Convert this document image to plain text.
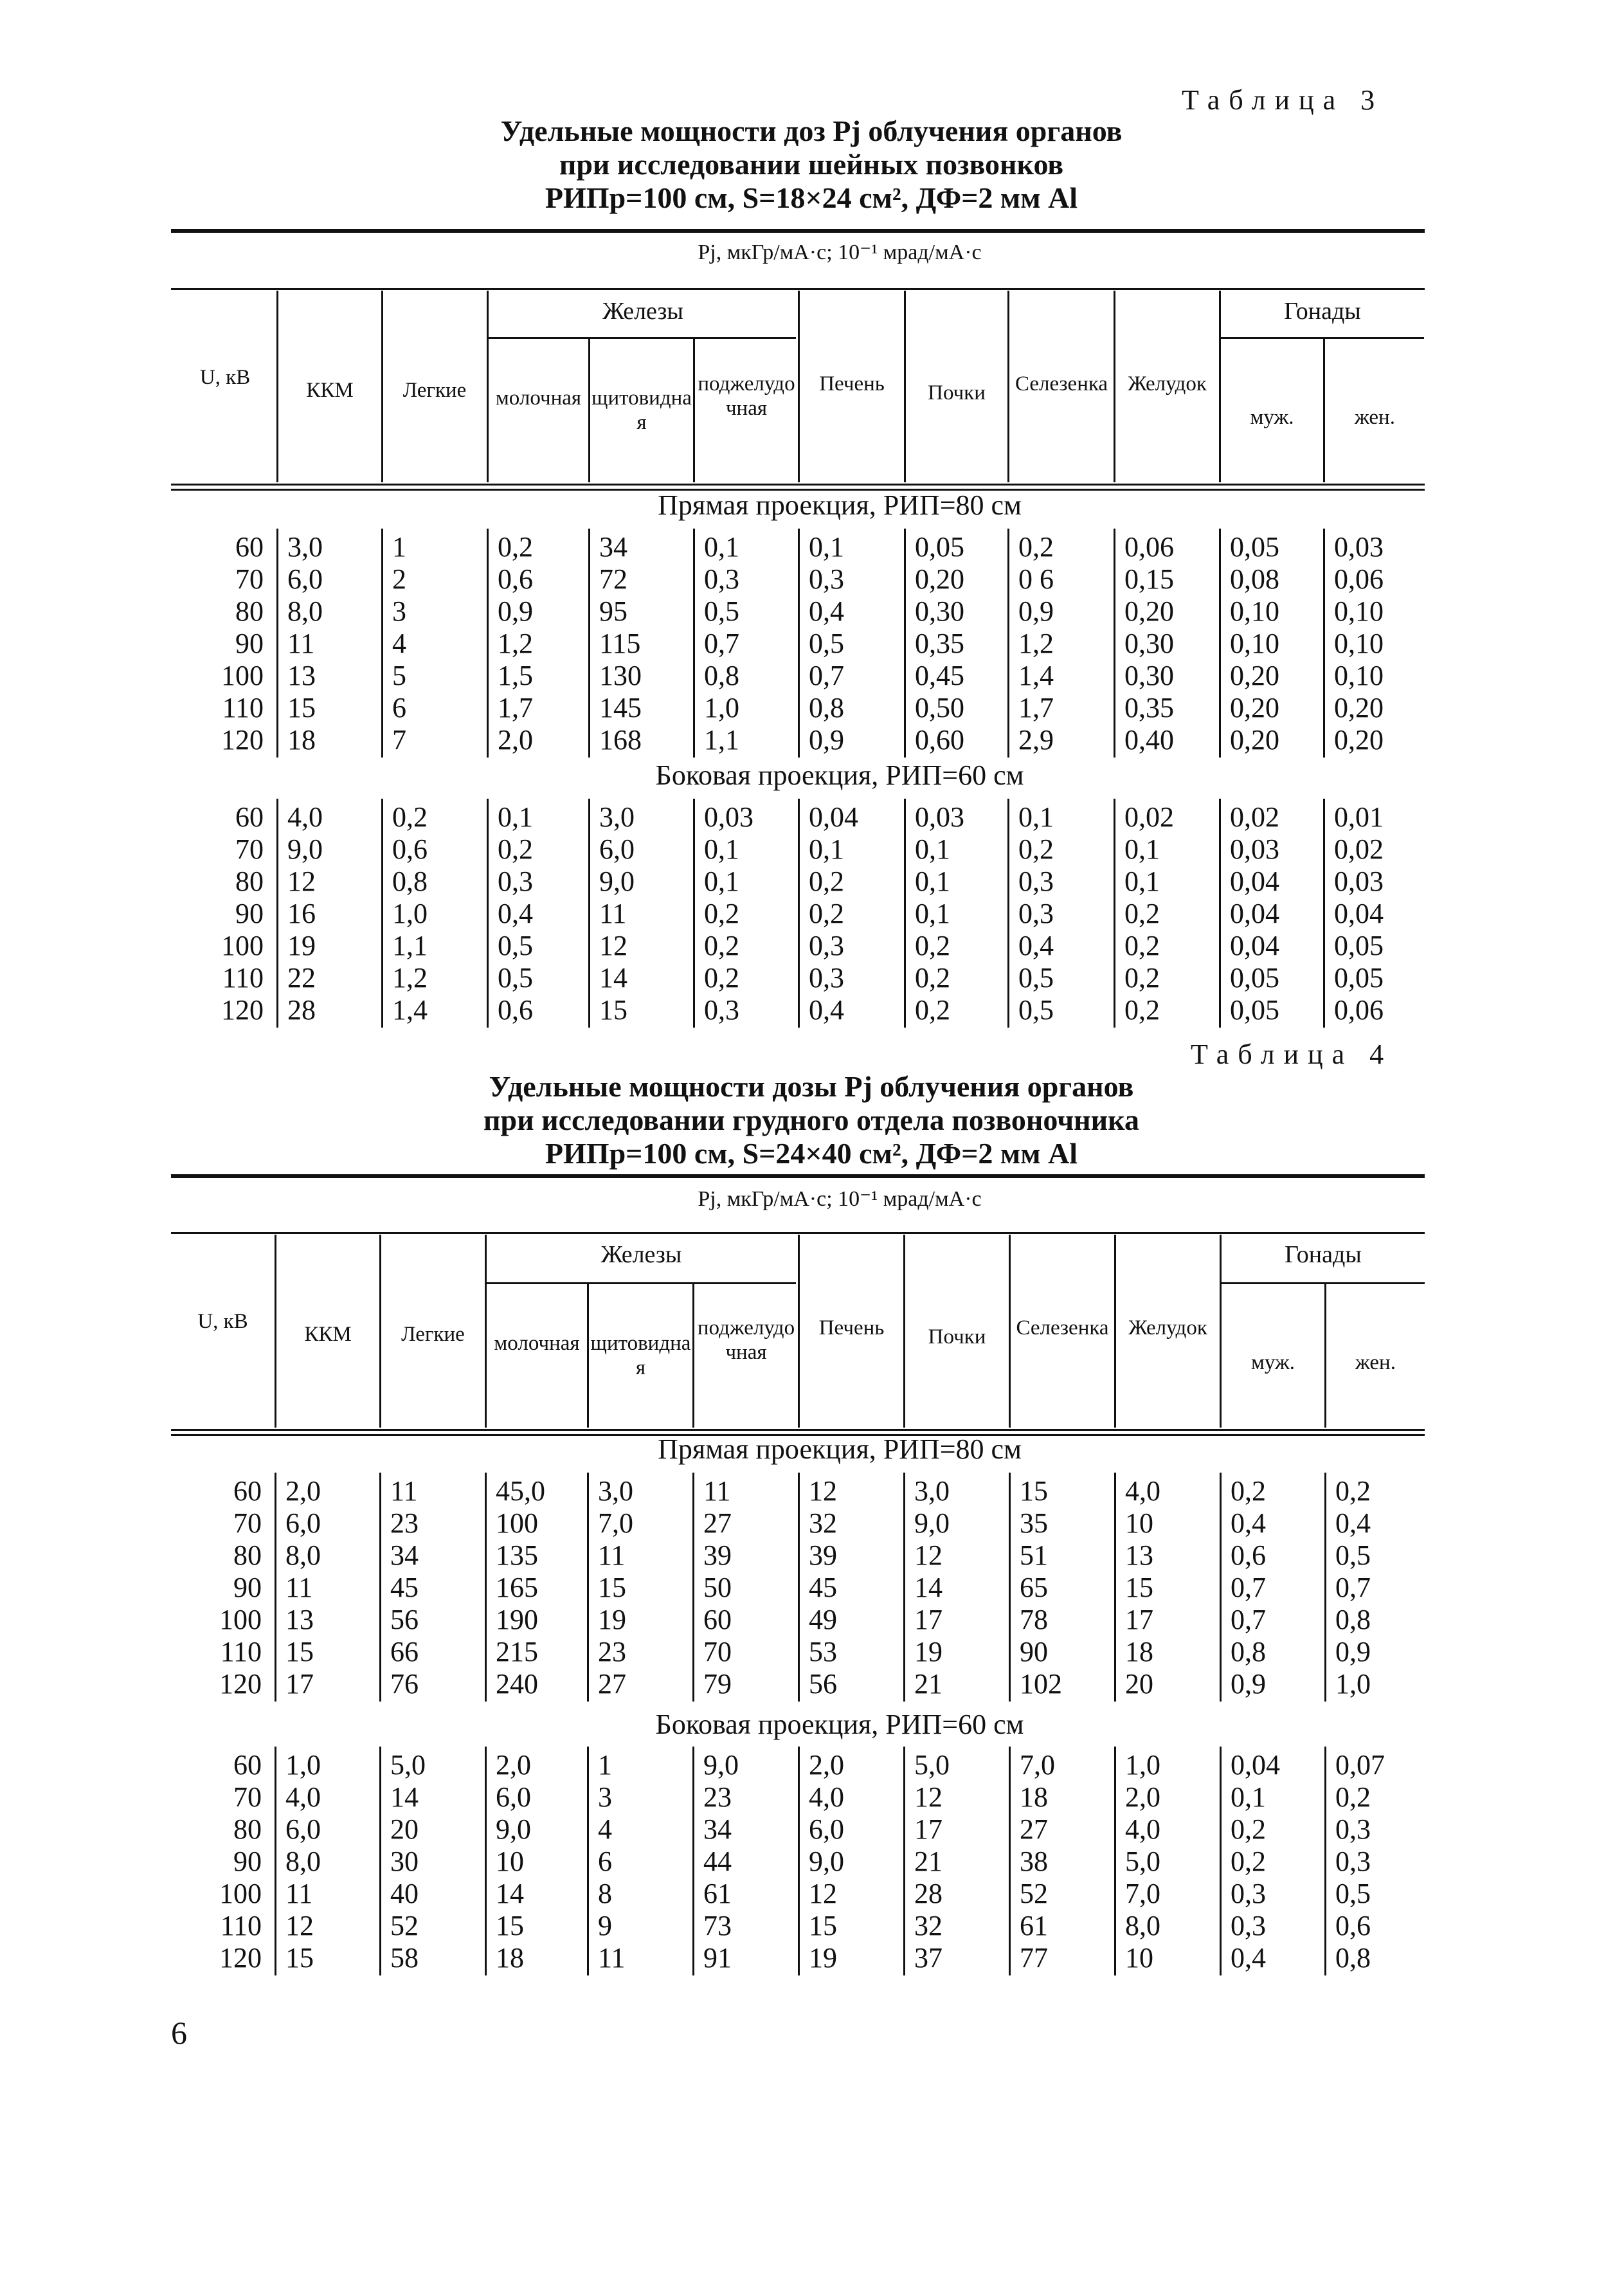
Таблица 3
Удельные мощности доз Pj облучения органов
при исследовании шейных позвонков
РИПр=100 см, S=18×24 см², ДФ=2 мм Al
Pj, мкГр/мА·с; 10⁻¹ мрад/мА·с
U, кВ
ККМ	Легкие
Железы
молочная щитовидная
поджелудочная
Печень	Почки	Селезенка Желудок
Гонады
муж.	жен.
Прямая проекция, РИП=80 см
60 3,0	1	0,2	34	0,1	0,1	0,05	0,2	0,06	0,05	0,03
70 6,0	2	0,6	72	0,3	0,3	0,20	0 6	0,15	0,08	0,06
80 8,0	3	0,9	95	0,5	0,4	0,30	0,9	0,20	0,10	0,10
90 11	4	1,2	115	0,7	0,5	0,35	1,2	0,30	0,10	0,10
100 13	5	1,5	130	0,8	0,7	0,45	1,4	0,30	0,20	0,10
110 15	6	1,7	145	1,0	0,8	0,50	1,7	0,35	0,20	0,20
120 18	7	2,0	168	1,1	0,9	0,60	2,9	0,40	0,20	0,20
Боковая проекция, РИП=60 см
60 4,0	0,2	0,1	3,0	0,03	0,04	0,03	0,1	0,02	0,02	0,01
70 9,0	0,6	0,2	6,0	0,1	0,1	0,1	0,2	0,1	0,03	0,02
80 12	0,8	0,3	9,0	0,1	0,2	0,1	0,3	0,1	0,04	0,03
90 16	1,0	0,4	11	0,2	0,2	0,1	0,3	0,2	0,04	0,04
100 19	1,1	0,5	12	0,2	0,3	0,2	0,4	0,2	0,04	0,05
110 22	1,2	0,5	14	0,2	0,3	0,2	0,5	0,2	0,05	0,05
120 28	1,4	0,6	15	0,3	0,4	0,2	0,5	0,2	0,05	0,06
Таблица 4
Удельные мощности дозы Pj облучения органов
при исследовании грудного отдела позвоночника
РИПр=100 см, S=24×40 см², ДФ=2 мм Al
Pj, мкГр/мА·с; 10⁻¹ мрад/мА·с
U, кВ
ККМ	Легкие
Железы
молочная щитовидная
поджелудочная
Печень	Почки	Селезенка Желудок
Гонады
муж.	жен.
Прямая проекция, РИП=80 см
60 2,0	11	45,0	3,0	11	12	3,0	15	4,0	0,2	0,2
70 6,0	23	100	7,0	27	32	9,0	35	10	0,4	0,4
80 8,0	34	135	11	39	39	12	51	13	0,6	0,5
90 11	45	165	15	50	45	14	65	15	0,7	0,7
100 13	56	190	19	60	49	17	78	17	0,7	0,8
110 15	66	215	23	70	53	19	90	18	0,8	0,9
120 17	76	240	27	79	56	21	102	20	0,9	1,0
Боковая проекция, РИП=60 см
60 1,0	5,0	2,0	1	9,0	2,0	5,0	7,0	1,0	0,04	0,07
70 4,0	14	6,0	3	23	4,0	12	18	2,0	0,1	0,2
80 6,0	20	9,0	4	34	6,0	17	27	4,0	0,2	0,3
90 8,0	30	10	6	44	9,0	21	38	5,0	0,2	0,3
100 11	40	14	8	61	12	28	52	7,0	0,3	0,5
110 12	52	15	9	73	15	32	61	8,0	0,3	0,6
120 15	58	18	11	91	19	37	77	10	0,4	0,8
6
